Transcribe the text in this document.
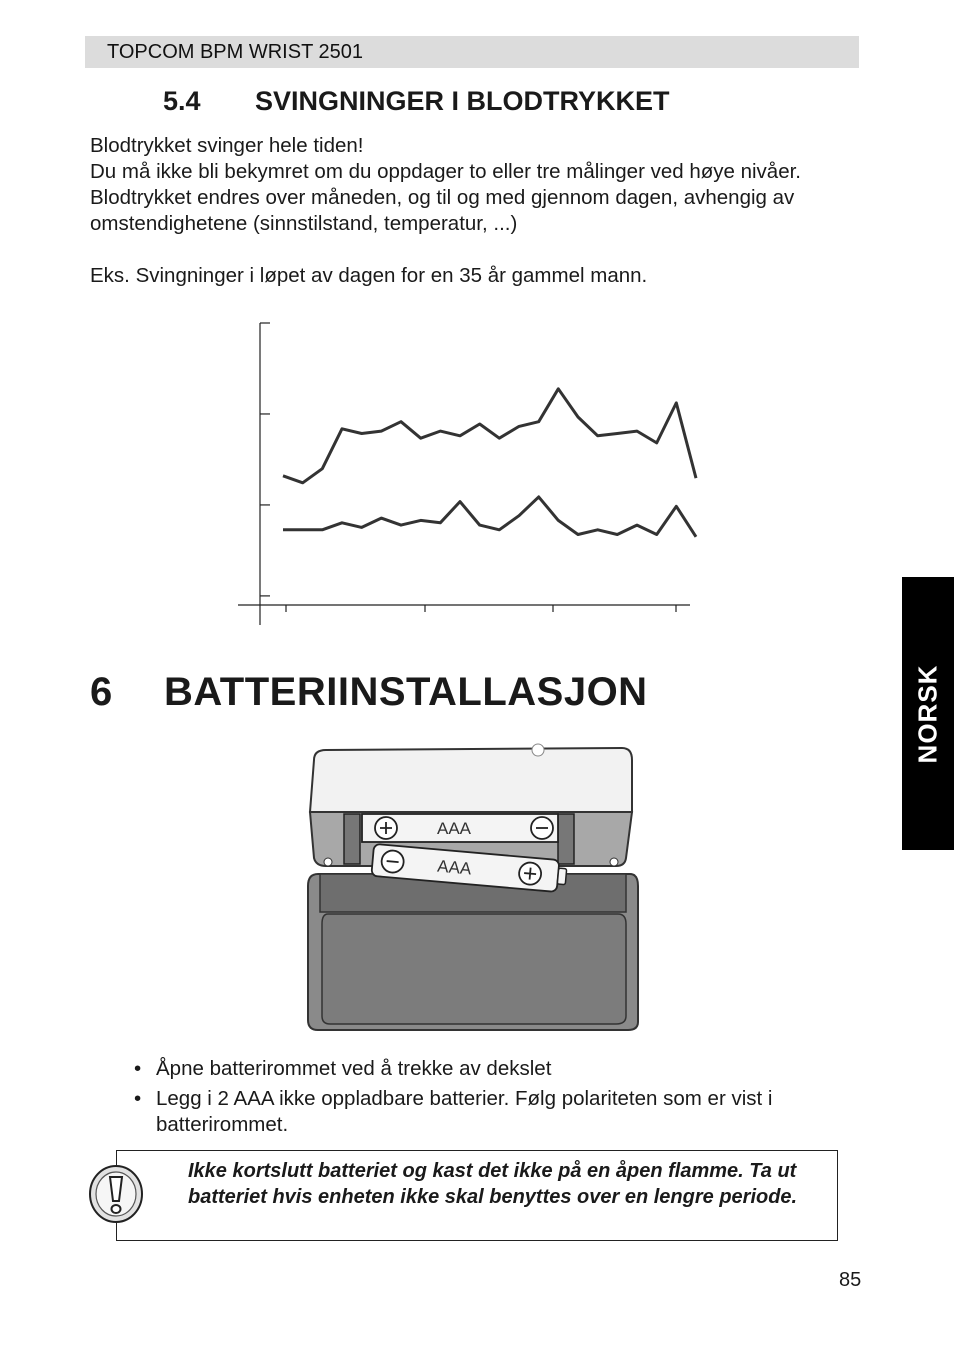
TOPCOM BPM WRIST 2501
5.4 SVINGNINGER I BLODTRYKKET

Blodtrykket svinger hele tiden!

Du må ikke bli bekymret om du oppdager to eller tre målinger ved høye nivåer.

Blodtrykket endres over måneden, og til og med gjennom dagen, avhengig av

omstendighetene (sinnstilstand, temperatur, ...)

Eks. Svingninger i løpet av dagen for en 35 år gammel mann.

6 BATTERIINSTALLASJON
AAA
AAA
• Åpne batterirommet ved å trekke av dekslet
• Legg i 2 AAA ikke oppladbare batterier. Følg polariteten som er vist i batterirommet.
Ikke kortslutt batteriet og kast det ikke på en åpen flamme. Ta ut batteriet hvis enheten ikke skal benyttes over en lengre periode.
85
NORSK
